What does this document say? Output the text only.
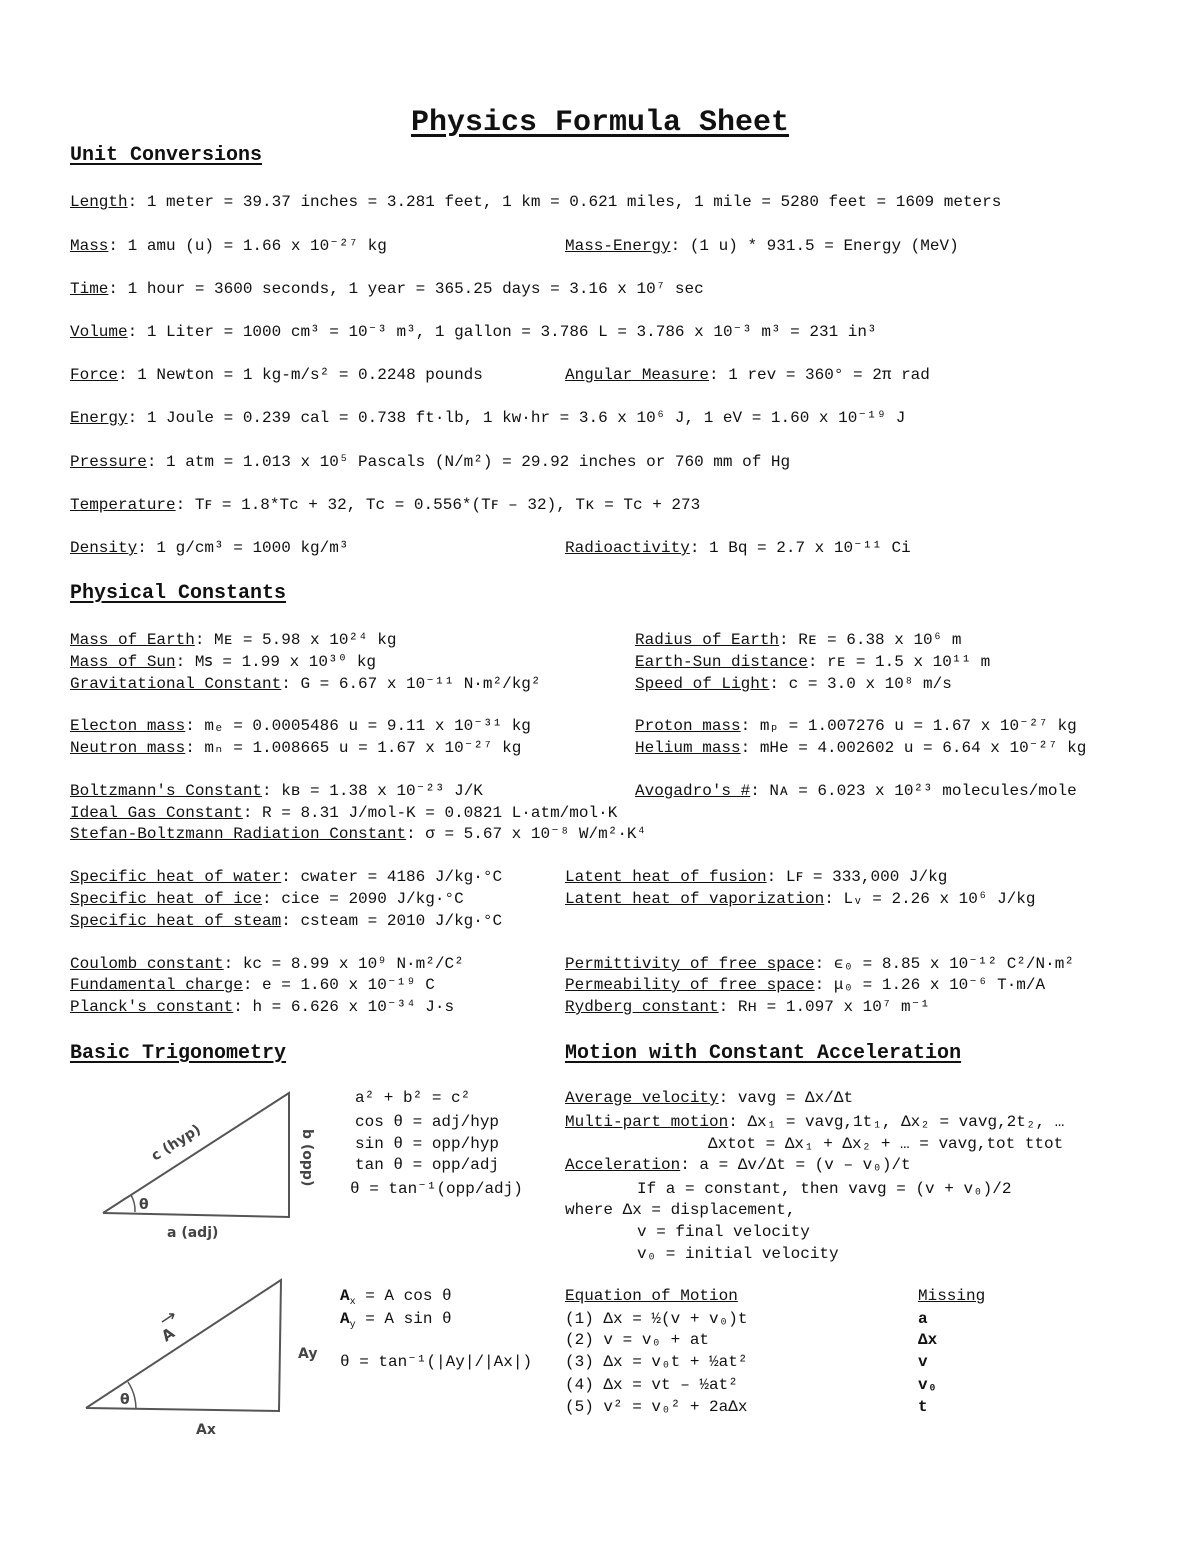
Physics Formula Sheet
Unit Conversions
Length: 1 meter = 39.37 inches = 3.281 feet, 1 km = 0.621 miles, 1 mile = 5280 feet = 1609 meters
Mass: 1 amu (u) = 1.66 x 10⁻²⁷ kg	Mass-Energy: (1 u) * 931.5 = Energy (MeV)
Time: 1 hour = 3600 seconds, 1 year = 365.25 days = 3.16 x 10⁷ sec
Volume: 1 Liter = 1000 cm³ = 10⁻³ m³, 1 gallon = 3.786 L = 3.786 x 10⁻³ m³ = 231 in³
Force: 1 Newton = 1 kg-m/s² = 0.2248 pounds	Angular Measure: 1 rev = 360° = 2π rad
Energy: 1 Joule = 0.239 cal = 0.738 ft·lb, 1 kw·hr = 3.6 x 10⁶ J, 1 eV = 1.60 x 10⁻¹⁹ J
Pressure: 1 atm = 1.013 x 10⁵ Pascals (N/m²) = 29.92 inches or 760 mm of Hg
Temperature: Tꜰ = 1.8*Tᴄ + 32, Tᴄ = 0.556*(Tꜰ – 32), Tᴋ = Tᴄ + 273
Density: 1 g/cm³ = 1000 kg/m³	Radioactivity: 1 Bq = 2.7 x 10⁻¹¹ Ci
Physical Constants
Mass of Earth: Mᴇ = 5.98 x 10²⁴ kg	Radius of Earth: Rᴇ = 6.38 x 10⁶ m
Mass of Sun: Mꜱ = 1.99 x 10³⁰ kg	Earth-Sun distance: rᴇ = 1.5 x 10¹¹ m
Gravitational Constant: G = 6.67 x 10⁻¹¹ N·m²/kg²	Speed of Light: c = 3.0 x 10⁸ m/s
Electon mass: mₑ = 0.0005486 u = 9.11 x 10⁻³¹ kg	Proton mass: mₚ = 1.007276 u = 1.67 x 10⁻²⁷ kg
Neutron mass: mₙ = 1.008665 u = 1.67 x 10⁻²⁷ kg	Helium mass: mHe = 4.002602 u = 6.64 x 10⁻²⁷ kg
Boltzmann's Constant: kʙ = 1.38 x 10⁻²³ J/K	Avogadro's #: Nᴀ = 6.023 x 10²³ molecules/mole
Ideal Gas Constant: R = 8.31 J/mol-K = 0.0821 L·atm/mol·K
Stefan-Boltzmann Radiation Constant: σ = 5.67 x 10⁻⁸ W/m²·K⁴
Specific heat of water: cwater = 4186 J/kg·°C	Latent heat of fusion: Lꜰ = 333,000 J/kg
Specific heat of ice: cice = 2090 J/kg·°C	Latent heat of vaporization: Lᵥ = 2.26 x 10⁶ J/kg
Specific heat of steam: csteam = 2010 J/kg·°C
Coulomb constant: kc = 8.99 x 10⁹ N·m²/C²	Permittivity of free space: ϵ₀ = 8.85 x 10⁻¹² C²/N·m²
Fundamental charge: e = 1.60 x 10⁻¹⁹ C	Permeability of free space: μ₀ = 1.26 x 10⁻⁶ T·m/A
Planck's constant: h = 6.626 x 10⁻³⁴ J·s	Rydberg constant: Rʜ = 1.097 x 10⁷ m⁻¹
Basic Trigonometry
θ
c (hyp)	b (opp)
a (adj)
a² + b² = c²
cos θ = adj/hyp
sin θ = opp/hyp
tan θ = opp/adj
θ = tan⁻¹(opp/adj)
θ
A
Ay
Ax
$A_x = A$ cos θ
$A_y = A$ sin θ
θ = tan⁻¹(|Ay|/|Ax|)
Motion with Constant Acceleration
Average velocity: vavg = Δx/Δt
Multi-part motion: Δx₁ = vavg,1t₁, Δx₂ = vavg,2t₂, …
Δxtot = Δx₁ + Δx₂ + … = vavg,tot ttot
Acceleration: a = Δv/Δt = (v – v₀)/t
If a = constant, then vavg = (v + v₀)/2
where Δx = displacement,
v = final velocity
v₀ = initial velocity
Equation of Motion	Missing
(1) Δx = ½(v + v₀)t	a
(2) v = v₀ + at	Δx
(3) Δx = v₀t + ½at²	v
(4) Δx = vt – ½at²	v₀
(5) v² = v₀² + 2aΔx	t
